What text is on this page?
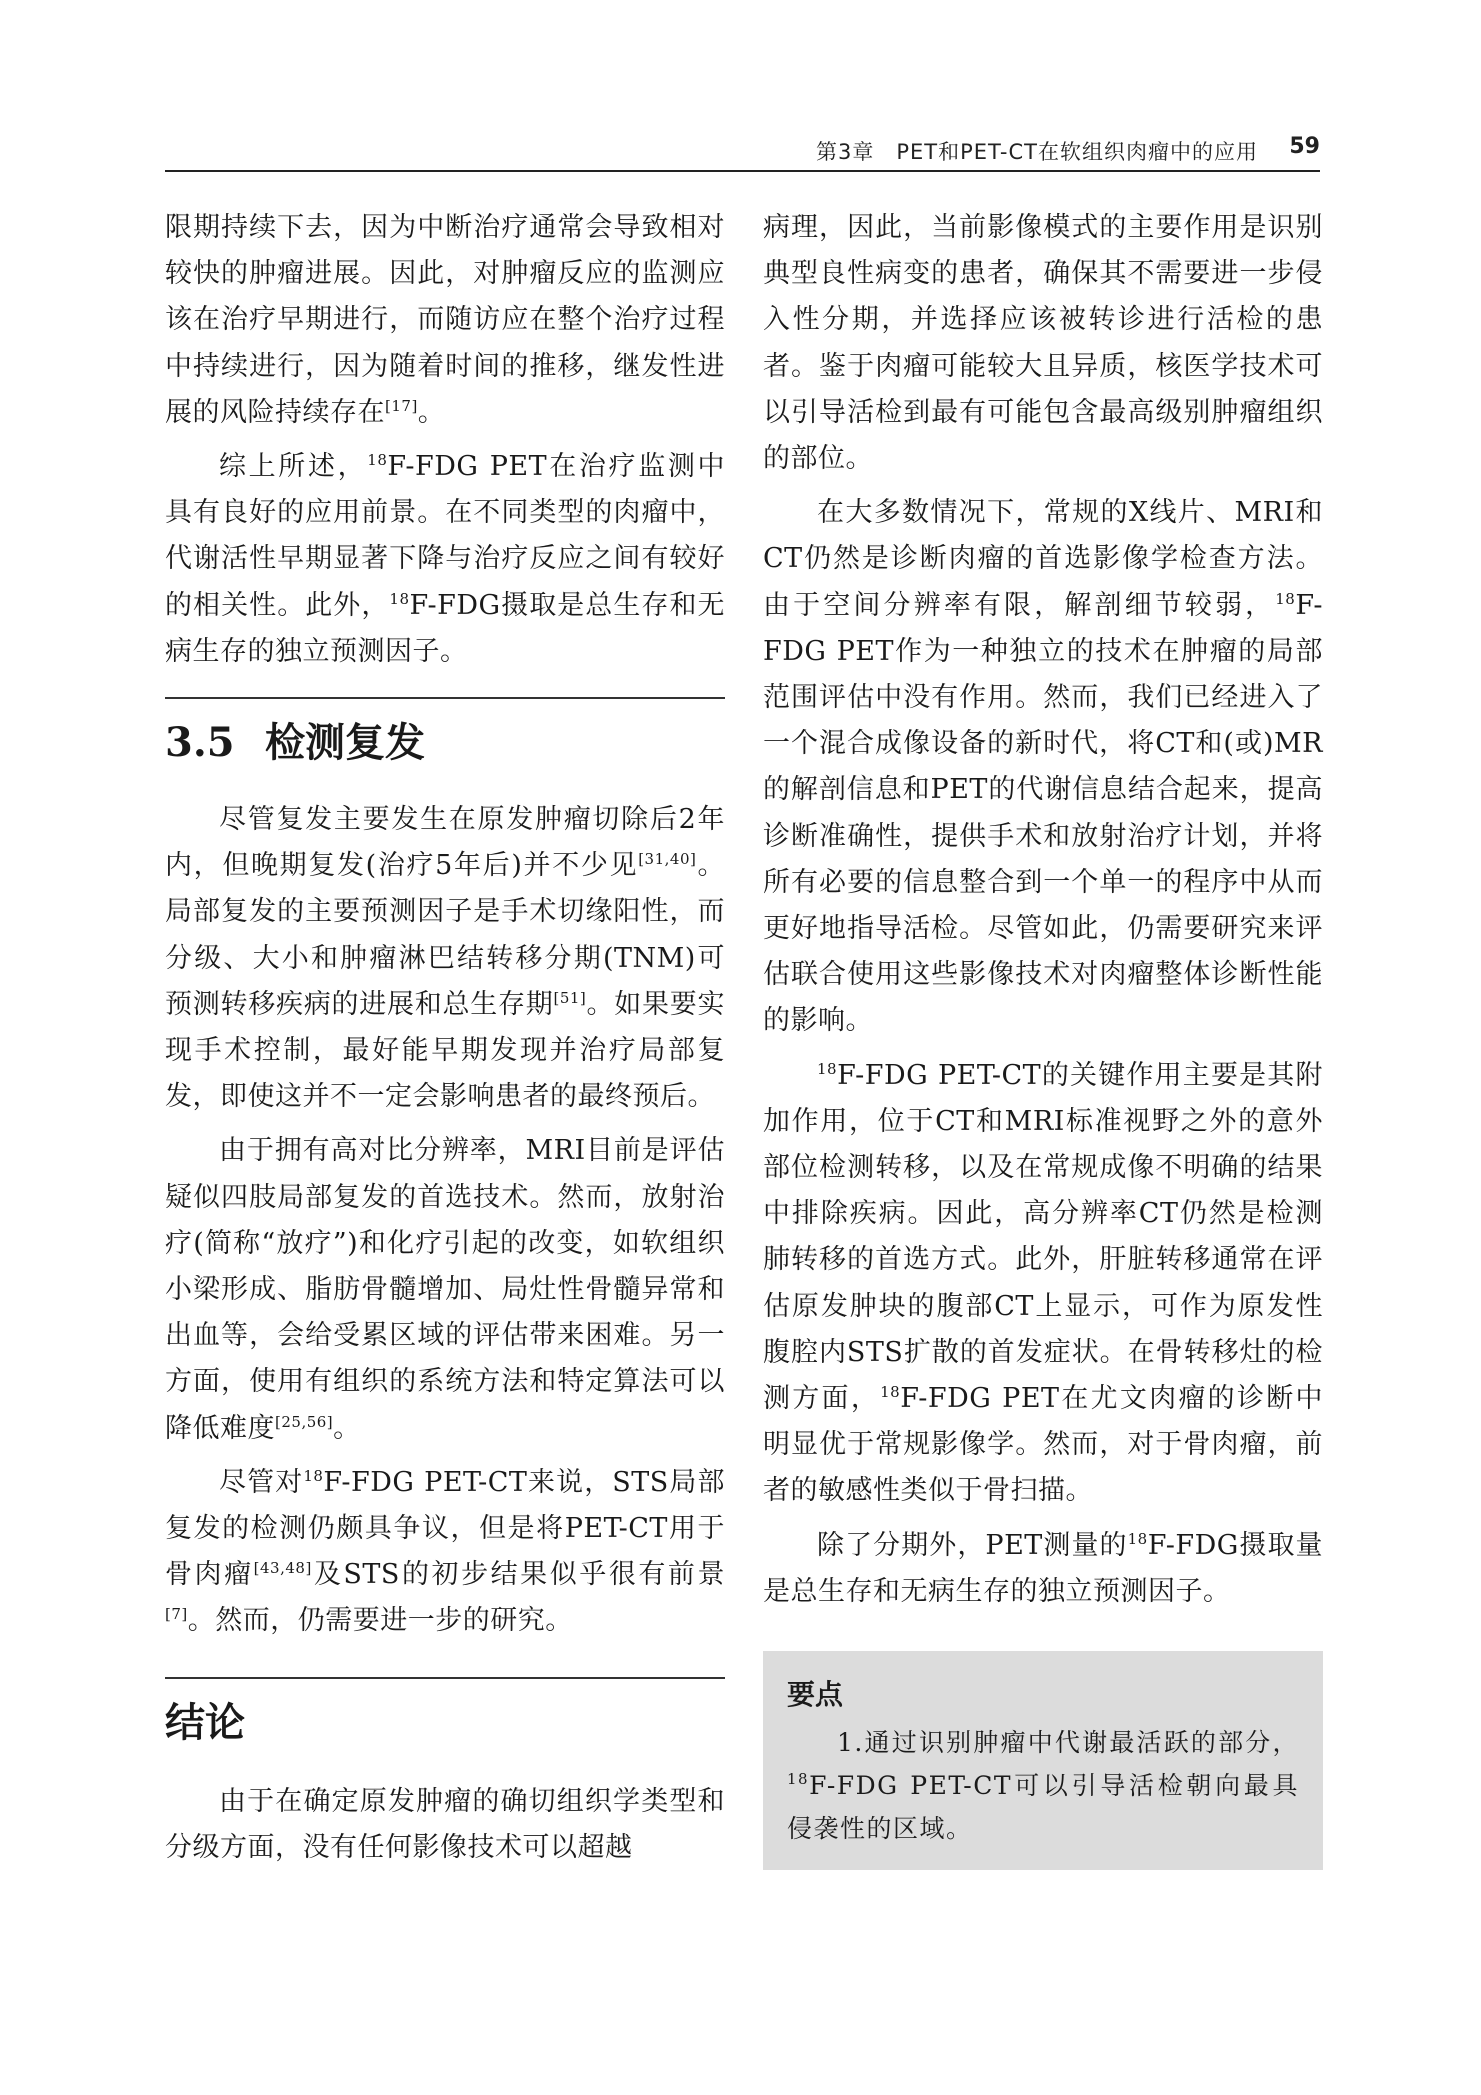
第3章　PET和PET-CT在软组织肉瘤中的应用 59

限期持续下去，因为中断治疗通常会导致相对较快的肿瘤进展。因此，对肿瘤反应的监测应该在治疗早期进行，而随访应在整个治疗过程中持续进行，因为随着时间的推移，继发性进展的风险持续存在[17]。

综上所述，$^{18}$F-FDG PET在治疗监测中具有良好的应用前景。在不同类型的肉瘤中，代谢活性早期显著下降与治疗反应之间有较好的相关性。此外，$^{18}$F-FDG摄取是总生存和无病生存的独立预测因子。

3.5 检测复发

尽管复发主要发生在原发肿瘤切除后2年内，但晚期复发(治疗5年后)并不少见[31,40]。局部复发的主要预测因子是手术切缘阳性，而分级、大小和肿瘤淋巴结转移分期(TNM)可预测转移疾病的进展和总生存期[51]。如果要实现手术控制，最好能早期发现并治疗局部复发，即使这并不一定会影响患者的最终预后。

由于拥有高对比分辨率，MRI目前是评估疑似四肢局部复发的首选技术。然而，放射治疗(简称“放疗”)和化疗引起的改变，如软组织小梁形成、脂肪骨髓增加、局灶性骨髓异常和出血等，会给受累区域的评估带来困难。另一方面，使用有组织的系统方法和特定算法可以降低难度[25,56]。

尽管对$^{18}$F-FDG PET-CT来说，STS局部复发的检测仍颇具争议，但是将PET-CT用于骨肉瘤[43,48]及STS的初步结果似乎很有前景[7]。然而，仍需要进一步的研究。

结论

由于在确定原发肿瘤的确切组织学类型和分级方面，没有任何影像技术可以超越

病理，因此，当前影像模式的主要作用是识别典型良性病变的患者，确保其不需要进一步侵入性分期，并选择应该被转诊进行活检的患者。鉴于肉瘤可能较大且异质，核医学技术可以引导活检到最有可能包含最高级别肿瘤组织的部位。

在大多数情况下，常规的X线片、MRI和CT仍然是诊断肉瘤的首选影像学检查方法。由于空间分辨率有限，解剖细节较弱，$^{18}$F-FDG PET作为一种独立的技术在肿瘤的局部范围评估中没有作用。然而，我们已经进入了一个混合成像设备的新时代，将CT和(或)MR的解剖信息和PET的代谢信息结合起来，提高诊断准确性，提供手术和放射治疗计划，并将所有必要的信息整合到一个单一的程序中从而更好地指导活检。尽管如此，仍需要研究来评估联合使用这些影像技术对肉瘤整体诊断性能的影响。

$^{18}$F-FDG PET-CT的关键作用主要是其附加作用，位于CT和MRI标准视野之外的意外部位检测转移，以及在常规成像不明确的结果中排除疾病。因此，高分辨率CT仍然是检测肺转移的首选方式。此外，肝脏转移通常在评估原发肿块的腹部CT上显示，可作为原发性腹腔内STS扩散的首发症状。在骨转移灶的检测方面，$^{18}$F-FDG PET在尤文肉瘤的诊断中明显优于常规影像学。然而，对于骨肉瘤，前者的敏感性类似于骨扫描。

除了分期外，PET测量的$^{18}$F-FDG摄取量是总生存和无病生存的独立预测因子。

要点

1.通过识别肿瘤中代谢最活跃的部分，$^{18}$F-FDG PET-CT可以引导活检朝向最具侵袭性的区域。
